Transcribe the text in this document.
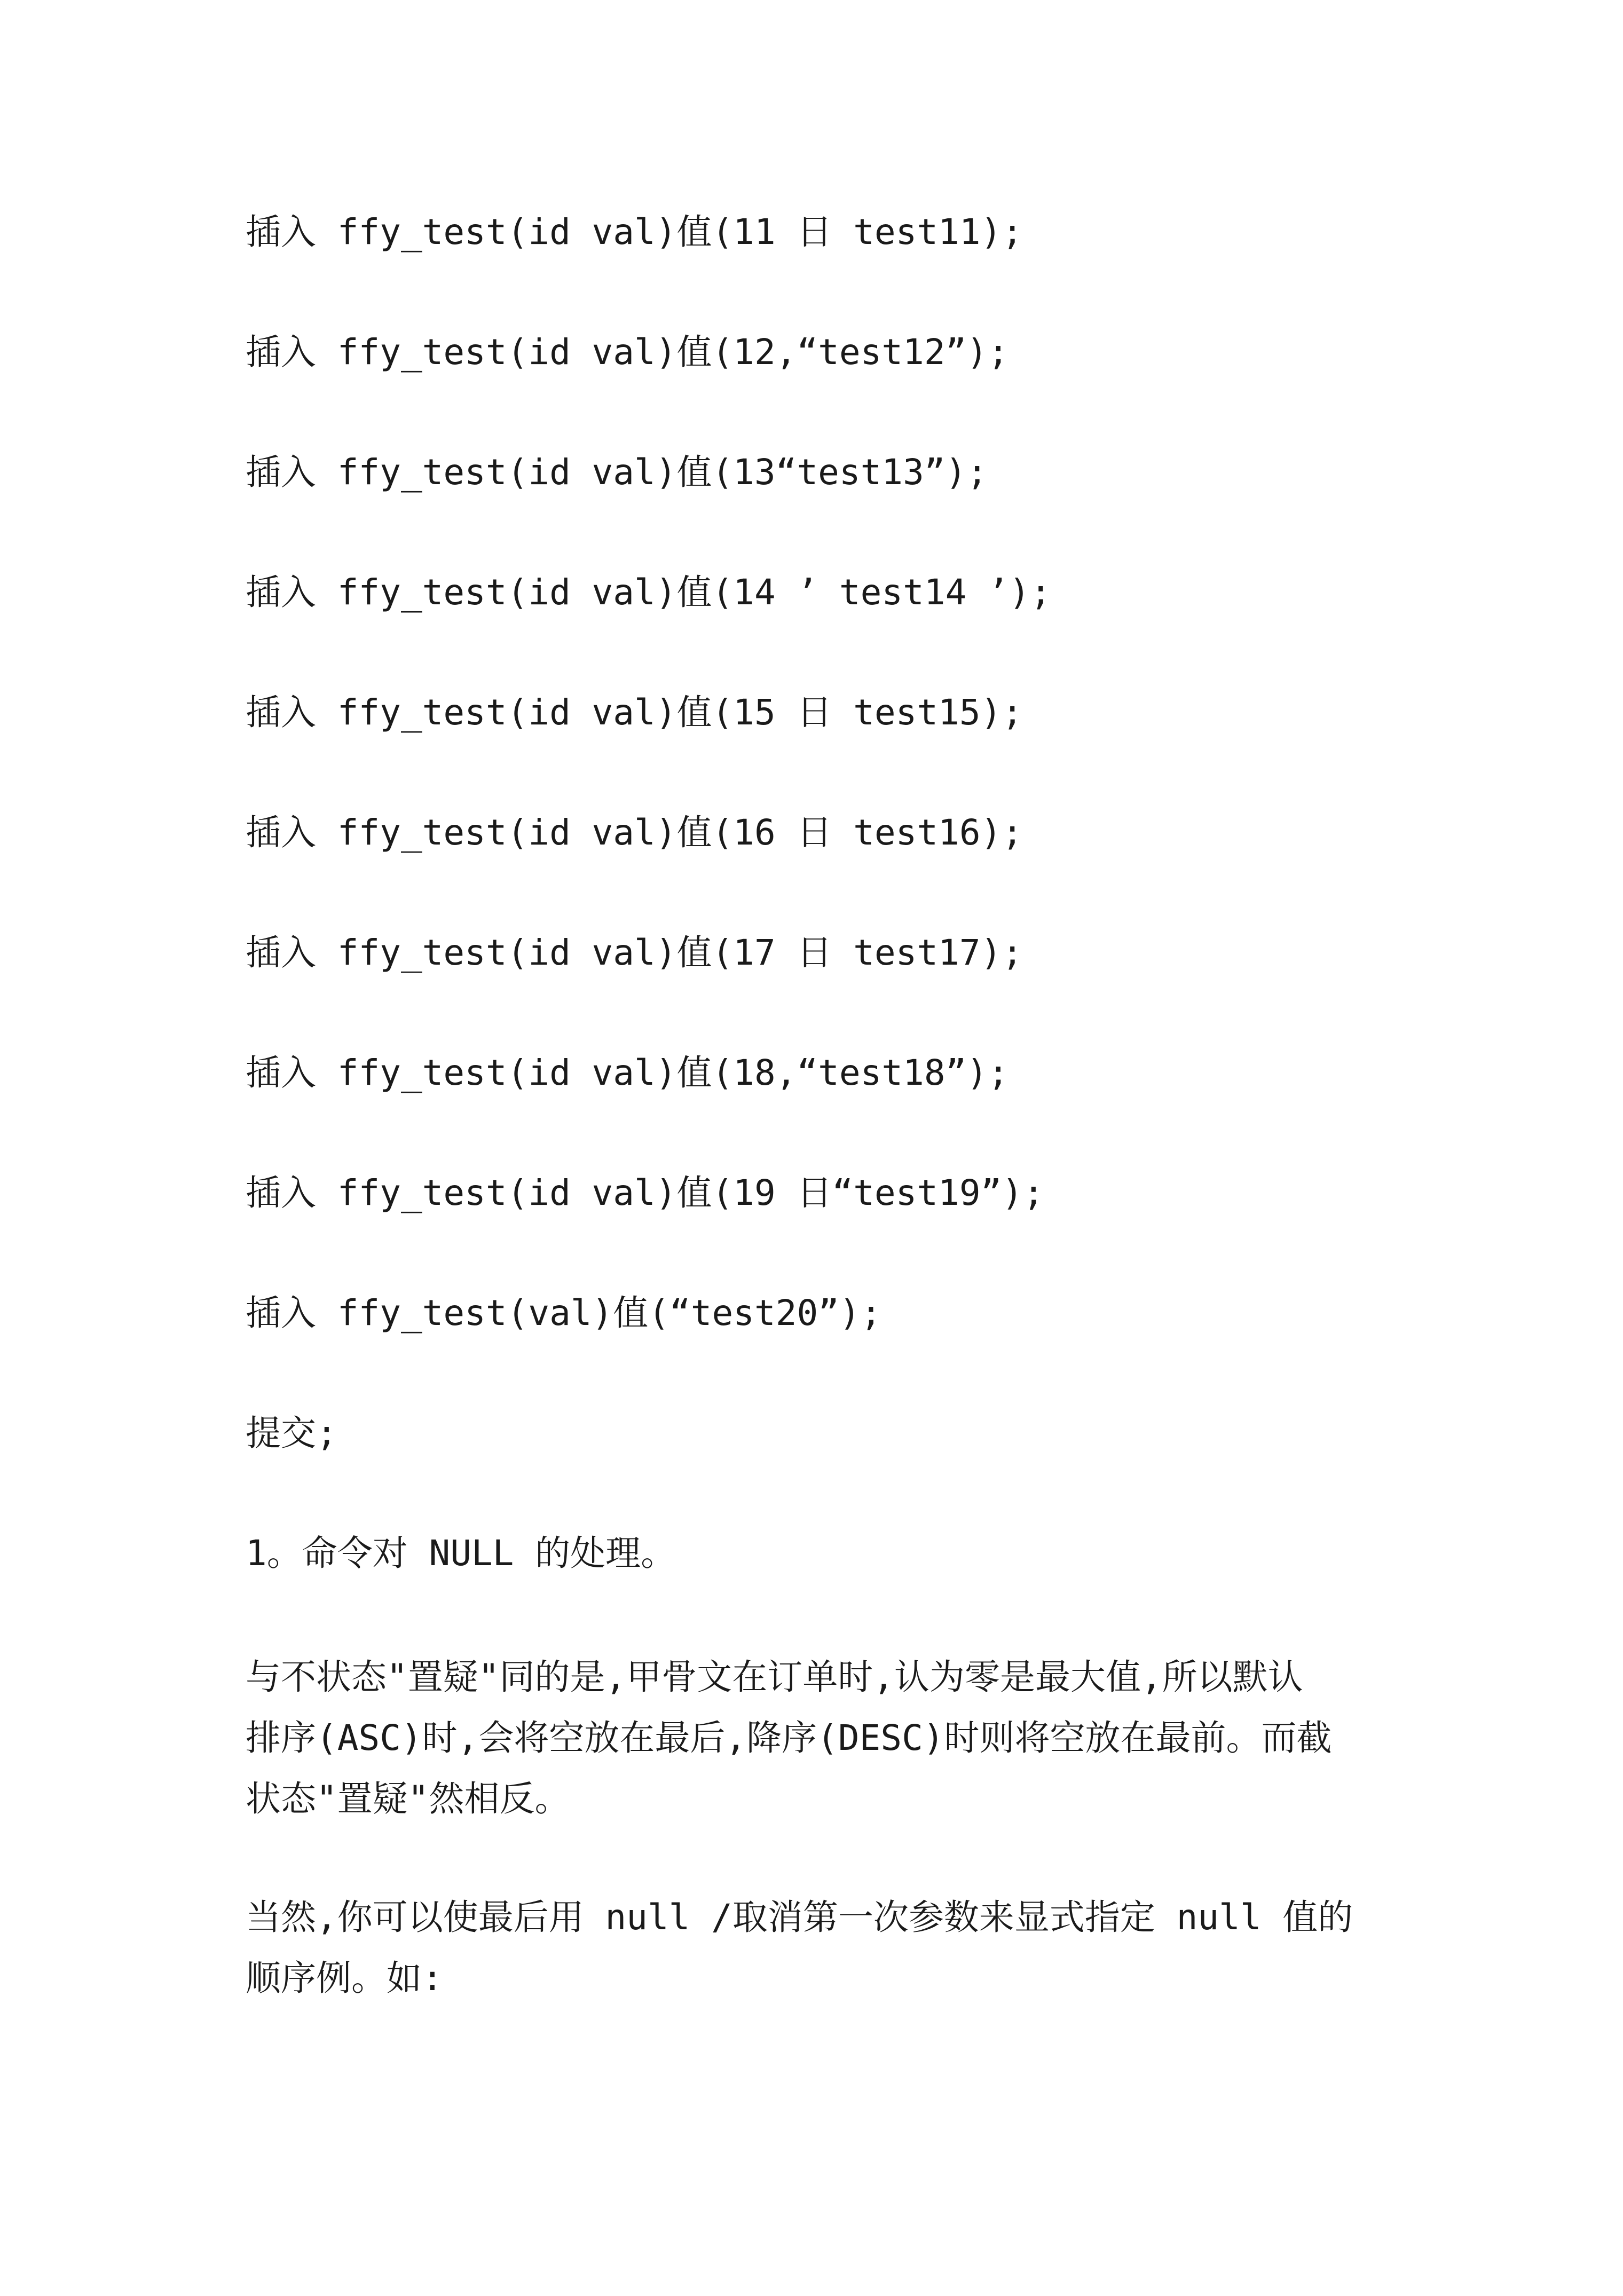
插入 ffy_test(id val)值(11 日 test11);
插入 ffy_test(id val)值(12,“test12”);
插入 ffy_test(id val)值(13“test13”);
插入 ffy_test(id val)值(14 ’ test14 ’);
插入 ffy_test(id val)值(15 日 test15);
插入 ffy_test(id val)值(16 日 test16);
插入 ffy_test(id val)值(17 日 test17);
插入 ffy_test(id val)值(18,“test18”);
插入 ffy_test(id val)值(19 日“test19”);
插入 ffy_test(val)值(“test20”);
提交;
1。命令对 NULL 的处理。
与不状态"置疑"同的是,甲骨文在订单时,认为零是最大值,所以默认
排序(ASC)时,会将空放在最后,降序(DESC)时则将空放在最前。而截
状态"置疑"然相反。
当然,你可以使最后用 null /取消第一次参数来显式指定 null 值的
顺序例。如:
